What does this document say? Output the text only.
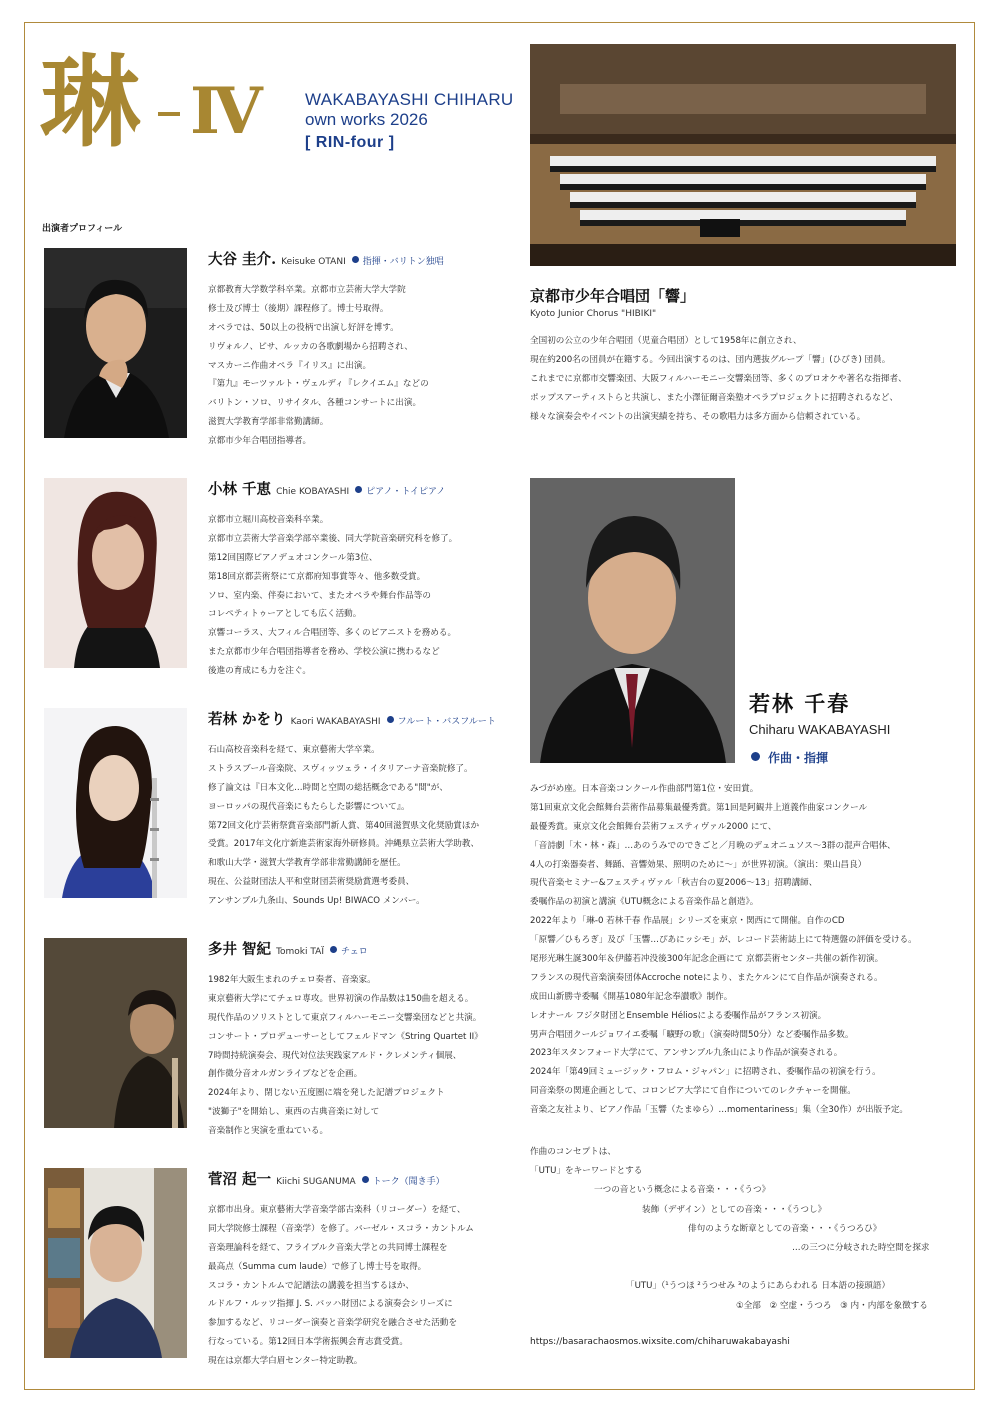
琳 Ⅳ	WAKABAYASHI CHIHARU
own works 2026
[ RIN-four ]
出演者プロフィール
大谷 圭介. Keisuke OTANI 指揮・バリトン独唱
京都教育大学数学科卒業。京都市立芸術大学大学院
修士及び博士（後期）課程修了。博士号取得。
オペラでは、50以上の役柄で出演し好評を博す。
リヴォルノ、ピサ、ルッカの各歌劇場から招聘され、
マスカーニ作曲オペラ『イリス』に出演。
『第九』モーツァルト・ヴェルディ『レクイエム』などの
バリトン・ソロ、リサイタル、各種コンサートに出演。
滋賀大学教育学部非常勤講師。
京都市少年合唱団指導者。
小林 千恵 Chie KOBAYASHI ピアノ・トイピアノ
京都市立堀川高校音楽科卒業。
京都市立芸術大学音楽学部卒業後、同大学院音楽研究科を修了。
第12回国際ピアノデュオコンクール第3位、
第18回京都芸術祭にて京都府知事賞等々、他多数受賞。
ソロ、室内楽、伴奏において、またオペラや舞台作品等の
コレペティトゥーアとしても広く活動。
京響コーラス、大フィル合唱団等、多くのピアニストを務める。
また京都市少年合唱団指導者を務め、学校公演に携わるなど
後進の育成にも力を注ぐ。
若林 かをり Kaori WAKABAYASHI フルート・バスフルート
石山高校音楽科を経て、東京藝術大学卒業。
ストラスブール音楽院、スヴィッツェラ・イタリアーナ音楽院修了。
修了論文は『日本文化…時間と空間の総括概念である"間"が、
ヨーロッパの現代音楽にもたらした影響について』。
第72回文化庁芸術祭賞音楽部門新人賞、第40回滋賀県文化奨励賞ほか
受賞。2017年文化庁新進芸術家海外研修員。沖縄県立芸術大学助教、
和歌山大学・滋賀大学教育学部非常勤講師を歴任。
現在、公益財団法人平和堂財団芸術奨励賞選考委員、
アンサンブル九条山、Sounds Up! BIWACO メンバー。
多井 智紀 Tomoki TAÏ チェロ
1982年大阪生まれのチェロ奏者、音楽家。
東京藝術大学にてチェロ専攻。世界初演の作品数は150曲を超える。
現代作品のソリストとして東京フィルハーモニー交響楽団などと共演。
コンサート・プロデューサーとしてフェルドマン《String Quartet II》
7時間持続演奏会、現代対位法実践家アルド・クレメンティ個展、
創作微分音オルガンライブなどを企画。
2024年より、閉じない五度圏に端を発した記譜プロジェクト
"波獅子"を開始し、東西の古典音楽に対して
音楽制作と実演を重ねている。
菅沼 起一 Kiichi SUGANUMA トーク（聞き手）
京都市出身。東京藝術大学音楽学部古楽科（リコーダー）を経て、
同大学院修士課程（音楽学）を修了。バーゼル・スコラ・カントルム
音楽理論科を経て、フライブルク音楽大学との共同博士課程を
最高点（Summa cum laude）で修了し博士号を取得。
スコラ・カントルムで記譜法の講義を担当するほか、
ルドルフ・ルッツ指揮 J. S. バッハ財団による演奏会シリーズに
参加するなど、リコーダー演奏と音楽学研究を融合させた活動を
行なっている。第12回日本学術振興会育志賞受賞。
現在は京都大学白眉センター特定助教。
京都市少年合唱団「響」
Kyoto Junior Chorus "HIBIKI"
全国初の公立の少年合唱団（児童合唱団）として1958年に創立され、
現在約200名の団員が在籍する。今回出演するのは、団内選抜グループ「響」(ひびき) 団員。
これまでに京都市交響楽団、大阪フィルハーモニー交響楽団等、多くのプロオケや著名な指揮者、
ポップスアーティストらと共演し、また小澤征爾音楽塾オペラプロジェクトに招聘されるなど、
様々な演奏会やイベントの出演実績を持ち、その歌唱力は多方面から信頼されている。
若林 千春
Chiharu WAKABAYASHI
作曲・指揮
みづがめ座。日本音楽コンクール作曲部門第1位・安田賞。
第1回東京文化会館舞台芸術作品募集最優秀賞。第1回是阿観井上道義作曲家コンクール
最優秀賞。東京文化会館舞台芸術フェスティヴァル2000 にて、
「音詩劇「木・林・森」…あのうみでのできごと／月晩のデュオニュソス～3群の混声合唱体、
4人の打楽器奏者、舞踊、音響効果、照明のために～」が世界初演。（演出：栗山昌良）
現代音楽セミナー&フェスティヴァル「秋吉台の夏2006～13」招聘講師、
委嘱作品の初演と講演《UTU概念による音楽作品と創造》。
2022年より「琳-0 若林千春 作品展」シリーズを東京・関西にて開催。自作のCD
「原響／ひもろぎ」及び「玉響…ぴあにッシモ」が、レコード芸術誌上にて特選盤の評価を受ける。
尾形光琳生誕300年＆伊藤若冲没後300年記念企画にて 京都芸術センター共催の新作初演。
フランスの現代音楽演奏団体Accroche noteにより、またケルンにて自作品が演奏される。
成田山新勝寺委嘱《開基1080年記念奉讃歌》制作。
レオナール フジタ財団とEnsemble Héliosによる委嘱作品がフランス初演。
男声合唱団クールジョワイエ委嘱「曠野の歌」（演奏時間50分）など委嘱作品多数。
2023年スタンフォード大学にて、アンサンブル九条山により作品が演奏される。
2024年「第49回ミュージック・フロム・ジャパン」に招聘され、委嘱作品の初演を行う。
同音楽祭の関連企画として、コロンビア大学にて自作についてのレクチャーを開催。
音楽之友社より、ピアノ作品「玉響（たまゆら）…momentariness」集（全30作）が出版予定。
作曲のコンセプトは、
「UTU」をキーワードとする
一つの音という概念による音楽・・・《うつ》
装飾（デザイン）としての音楽・・・《うつし》
俳句のような断章としての音楽・・・《うつろひ》
…の三つに分岐された時空間を探求
「UTU」（¹うつほ ²うつせみ ³のようにあらわれる 日本語の接頭語）
①全部　② 空虚・うつろ　③ 内・内部を象徴する
https://basarachaosmos.wixsite.com/chiharuwakabayashi
